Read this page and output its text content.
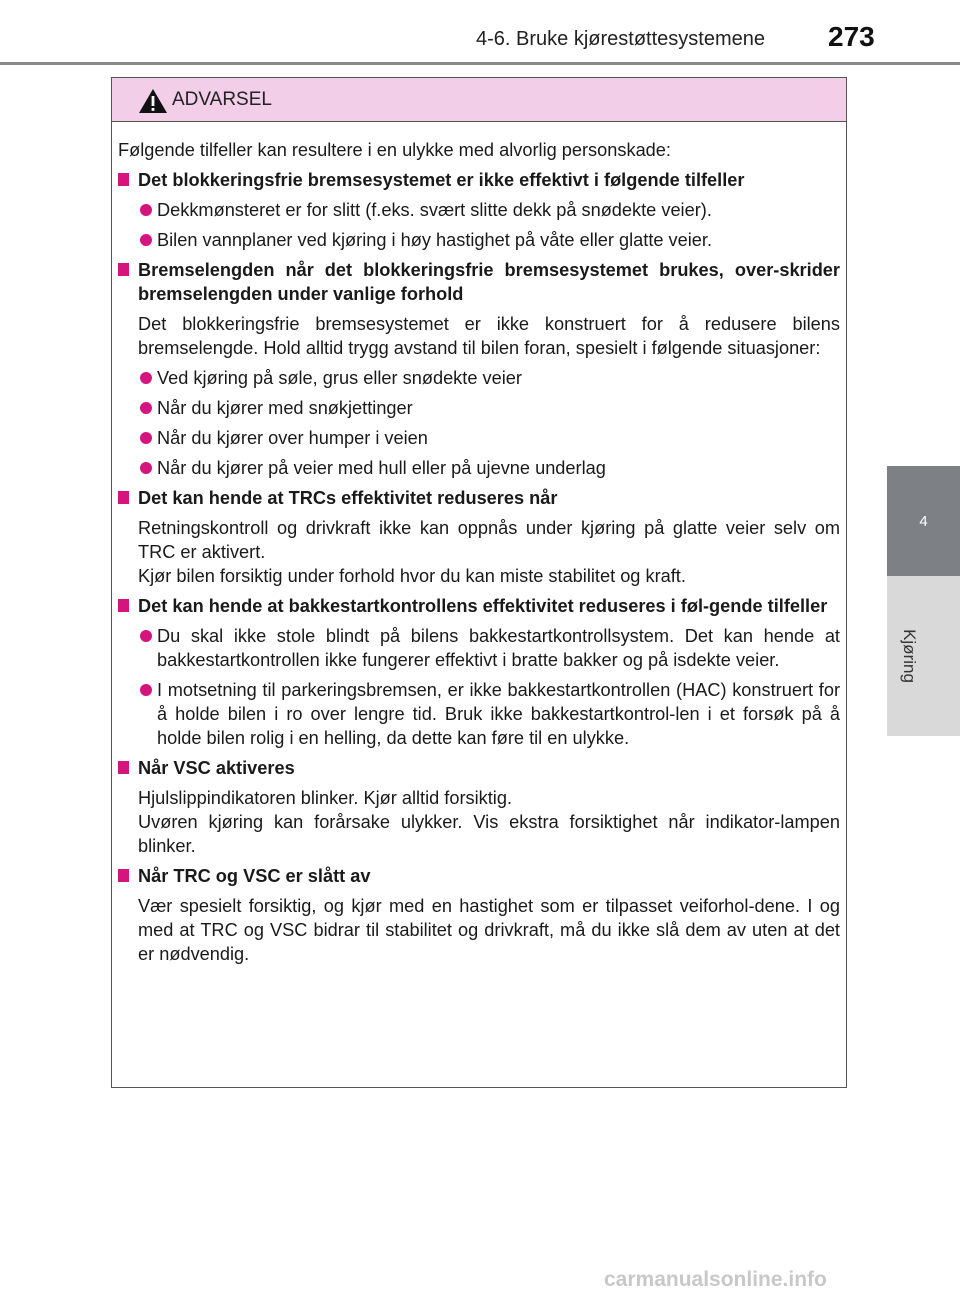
4-6. Bruke kjørestøttesystemene 273
4
Kjøring
ADVARSEL
Følgende tilfeller kan resultere i en ulykke med alvorlig personskade:
Det blokkeringsfrie bremsesystemet er ikke effektivt i følgende tilfeller
Dekkmønsteret er for slitt (f.eks. svært slitte dekk på snødekte veier).
Bilen vannplaner ved kjøring i høy hastighet på våte eller glatte veier.
Bremselengden når det blokkeringsfrie bremsesystemet brukes, over-skrider bremselengden under vanlige forhold
Det blokkeringsfrie bremsesystemet er ikke konstruert for å redusere bilens bremselengde. Hold alltid trygg avstand til bilen foran, spesielt i følgende situasjoner:
Ved kjøring på søle, grus eller snødekte veier
Når du kjører med snøkjettinger
Når du kjører over humper i veien
Når du kjører på veier med hull eller på ujevne underlag
Det kan hende at TRCs effektivitet reduseres når
Retningskontroll og drivkraft ikke kan oppnås under kjøring på glatte veier selv om TRC er aktivert.
Kjør bilen forsiktig under forhold hvor du kan miste stabilitet og kraft.
Det kan hende at bakkestartkontrollens effektivitet reduseres i føl-gende tilfeller
Du skal ikke stole blindt på bilens bakkestartkontrollsystem. Det kan hende at bakkestartkontrollen ikke fungerer effektivt i bratte bakker og på isdekte veier.
I motsetning til parkeringsbremsen, er ikke bakkestartkontrollen (HAC) konstruert for å holde bilen i ro over lengre tid. Bruk ikke bakkestartkontrol-len i et forsøk på å holde bilen rolig i en helling, da dette kan føre til en ulykke.
Når VSC aktiveres
Hjulslippindikatoren blinker. Kjør alltid forsiktig.
Uvøren kjøring kan forårsake ulykker. Vis ekstra forsiktighet når indikator-lampen blinker.
Når TRC og VSC er slått av
Vær spesielt forsiktig, og kjør med en hastighet som er tilpasset veiforhol-dene. I og med at TRC og VSC bidrar til stabilitet og drivkraft, må du ikke slå dem av uten at det er nødvendig.
carmanualsonline.info
